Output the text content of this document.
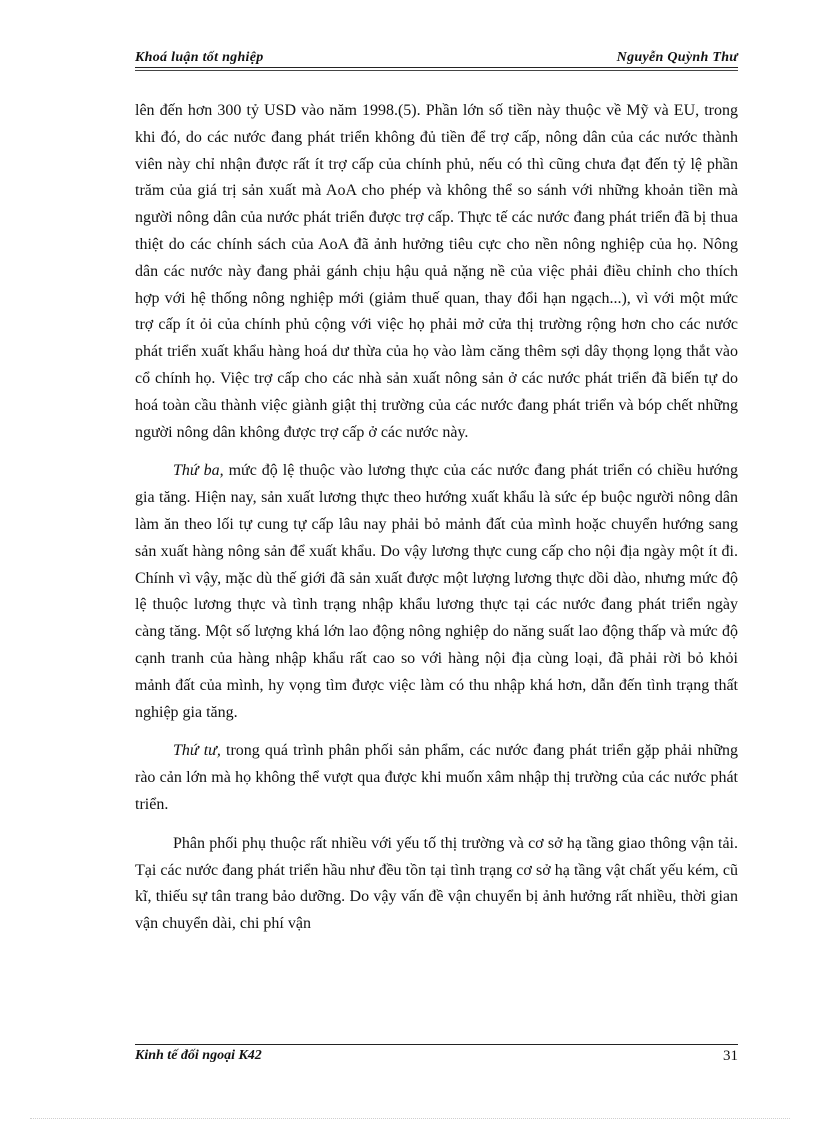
Khoá luận tốt nghiệp	Nguyễn Quỳnh Thư

lên đến hơn 300 tỷ USD vào năm 1998.(5). Phần lớn số tiền này thuộc về Mỹ và EU, trong khi đó, do các nước đang phát triển không đủ tiền để trợ cấp, nông dân của các nước thành viên này chỉ nhận được rất ít trợ cấp của chính phủ, nếu có thì cũng chưa đạt đến tỷ lệ phần trăm của giá trị sản xuất mà AoA cho phép và không thể so sánh với những khoản tiền mà người nông dân của nước phát triển được trợ cấp. Thực tế các nước đang phát triển đã bị thua thiệt do các chính sách của AoA đã ảnh hưởng tiêu cực cho nền nông nghiệp của họ. Nông dân các nước này đang phải gánh chịu hậu quả nặng nề của việc phải điều chỉnh cho thích hợp với hệ thống nông nghiệp mới (giảm thuế quan, thay đổi hạn ngạch...), vì với một mức trợ cấp ít ỏi của chính phủ cộng với việc họ phải mở cửa thị trường rộng hơn cho các nước phát triển xuất khẩu hàng hoá dư thừa của họ vào làm căng thêm sợi dây thọng lọng thắt vào cổ chính họ. Việc trợ cấp cho các nhà sản xuất nông sản ở các nước phát triển đã biến tự do hoá toàn cầu thành việc giành giật thị trường của các nước đang phát triển và bóp chết những người nông dân không được trợ cấp ở các nước này.

Thứ ba, mức độ lệ thuộc vào lương thực của các nước đang phát triển có chiều hướng gia tăng. Hiện nay, sản xuất lương thực theo hướng xuất khẩu là sức ép buộc người nông dân làm ăn theo lối tự cung tự cấp lâu nay phải bỏ mảnh đất của mình hoặc chuyển hướng sang sản xuất hàng nông sản để xuất khẩu. Do vậy lương thực cung cấp cho nội địa ngày một ít đi. Chính vì vậy, mặc dù thế giới đã sản xuất được một lượng lương thực dồi dào, nhưng mức độ lệ thuộc lương thực và tình trạng nhập khẩu lương thực tại các nước đang phát triển ngày càng tăng. Một số lượng khá lớn lao động nông nghiệp do năng suất lao động thấp và mức độ cạnh tranh của hàng nhập khẩu rất cao so với hàng nội địa cùng loại, đã phải rời bỏ khỏi mảnh đất của mình, hy vọng tìm được việc làm có thu nhập khá hơn, dẫn đến tình trạng thất nghiệp gia tăng.

Thứ tư, trong quá trình phân phối sản phẩm, các nước đang phát triển gặp phải những rào cản lớn mà họ không thể vượt qua được khi muốn xâm nhập thị trường của các nước phát triển.

Phân phối phụ thuộc rất nhiều với yếu tố thị trường và cơ sở hạ tầng giao thông vận tải. Tại các nước đang phát triển hầu như đều tồn tại tình trạng cơ sở hạ tầng vật chất yếu kém, cũ kĩ, thiếu sự tân trang bảo dưỡng. Do vậy vấn đề vận chuyển bị ảnh hưởng rất nhiều, thời gian vận chuyển dài, chi phí vận

Kinh tế đối ngoại K42	31
